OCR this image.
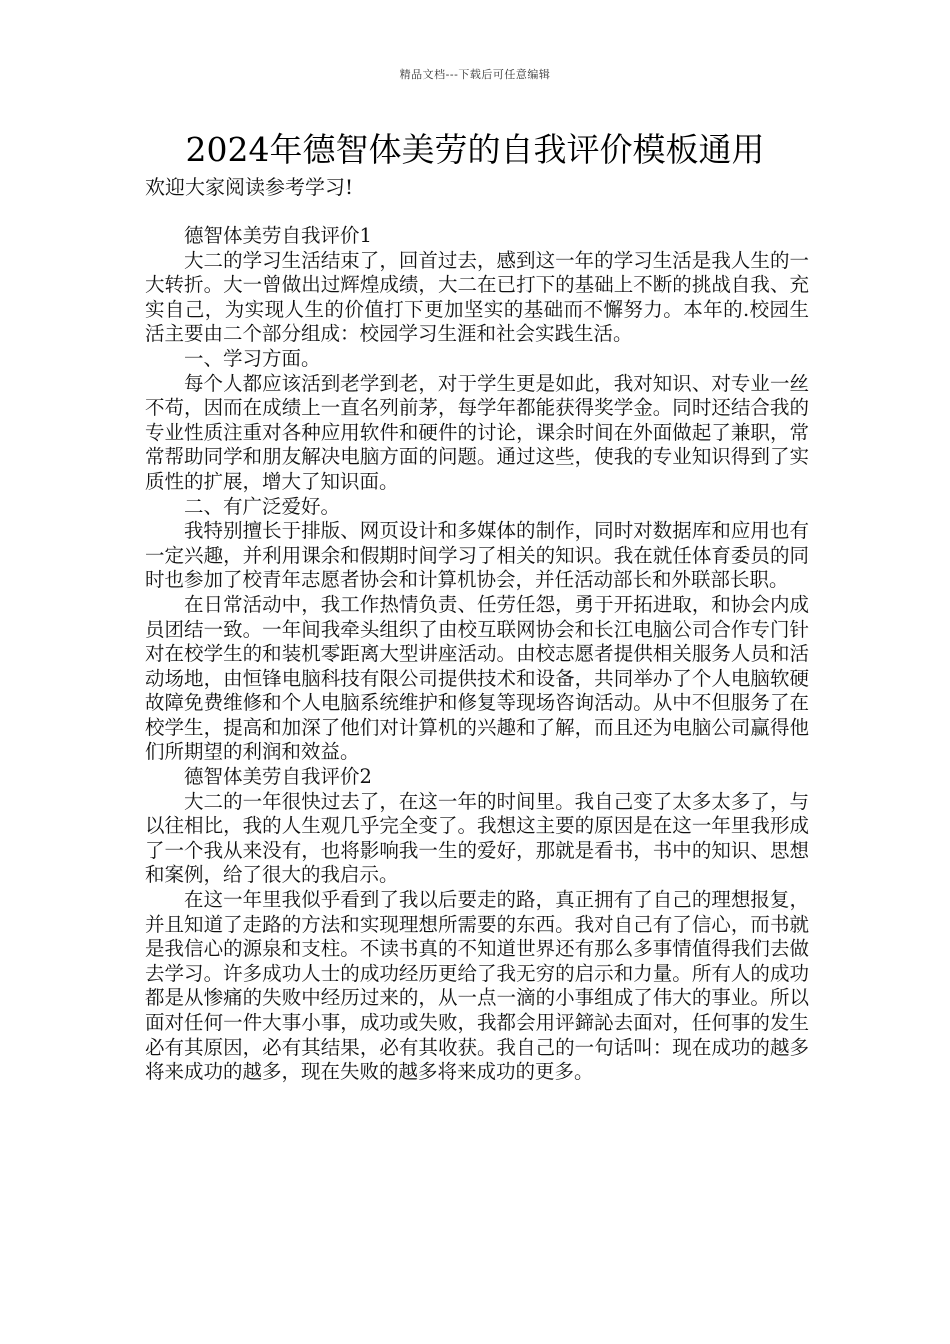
精品文档---下载后可任意编辑
2024年德智体美劳的自我评价模板通用
欢迎大家阅读参考学习!

德智体美劳自我评价1

大二的学习生活结束了，回首过去，感到这一年的学习生活是我人生的一大转折。大一曾做出过辉煌成绩，大二在已打下的基础上不断的挑战自我、充实自己，为实现人生的价值打下更加坚实的基础而不懈努力。本年的.校园生活主要由二个部分组成：校园学习生涯和社会实践生活。

一、学习方面。

每个人都应该活到老学到老，对于学生更是如此，我对知识、对专业一丝不苟，因而在成绩上一直名列前茅，每学年都能获得奖学金。同时还结合我的专业性质注重对各种应用软件和硬件的讨论，课余时间在外面做起了兼职，常常帮助同学和朋友解决电脑方面的问题。通过这些，使我的专业知识得到了实质性的扩展，增大了知识面。

二、有广泛爱好。

我特别擅长于排版、网页设计和多媒体的制作，同时对数据库和应用也有一定兴趣，并利用课余和假期时间学习了相关的知识。我在就任体育委员的同时也参加了校青年志愿者协会和计算机协会，并任活动部长和外联部长职。

在日常活动中，我工作热情负责、任劳任怨，勇于开拓进取，和协会内成员团结一致。一年间我牵头组织了由校互联网协会和长江电脑公司合作专门针对在校学生的和装机零距离大型讲座活动。由校志愿者提供相关服务人员和活动场地，由恒锋电脑科技有限公司提供技术和设备，共同举办了个人电脑软硬故障免费维修和个人电脑系统维护和修复等现场咨询活动。从中不但服务了在校学生，提高和加深了他们对计算机的兴趣和了解，而且还为电脑公司赢得他们所期望的利润和效益。

德智体美劳自我评价2

大二的一年很快过去了，在这一年的时间里。我自己变了太多太多了，与以往相比，我的人生观几乎完全变了。我想这主要的原因是在这一年里我形成了一个我从来没有，也将影响我一生的爱好，那就是看书，书中的知识、思想和案例，给了很大的我启示。

在这一年里我似乎看到了我以后要走的路，真正拥有了自己的理想报复，并且知道了走路的方法和实现理想所需要的东西。我对自己有了信心，而书就是我信心的源泉和支柱。不读书真的不知道世界还有那么多事情值得我们去做去学习。许多成功人士的成功经历更给了我无穷的启示和力量。所有人的成功都是从惨痛的失败中经历过来的，从一点一滴的小事组成了伟大的事业。所以面对任何一件大事小事，成功或失败，我都会用评鍗訫去面对，任何事的发生必有其原因，必有其结果，必有其收获。我自己的一句话叫：现在成功的越多将来成功的越多，现在失败的越多将来成功的更多。
